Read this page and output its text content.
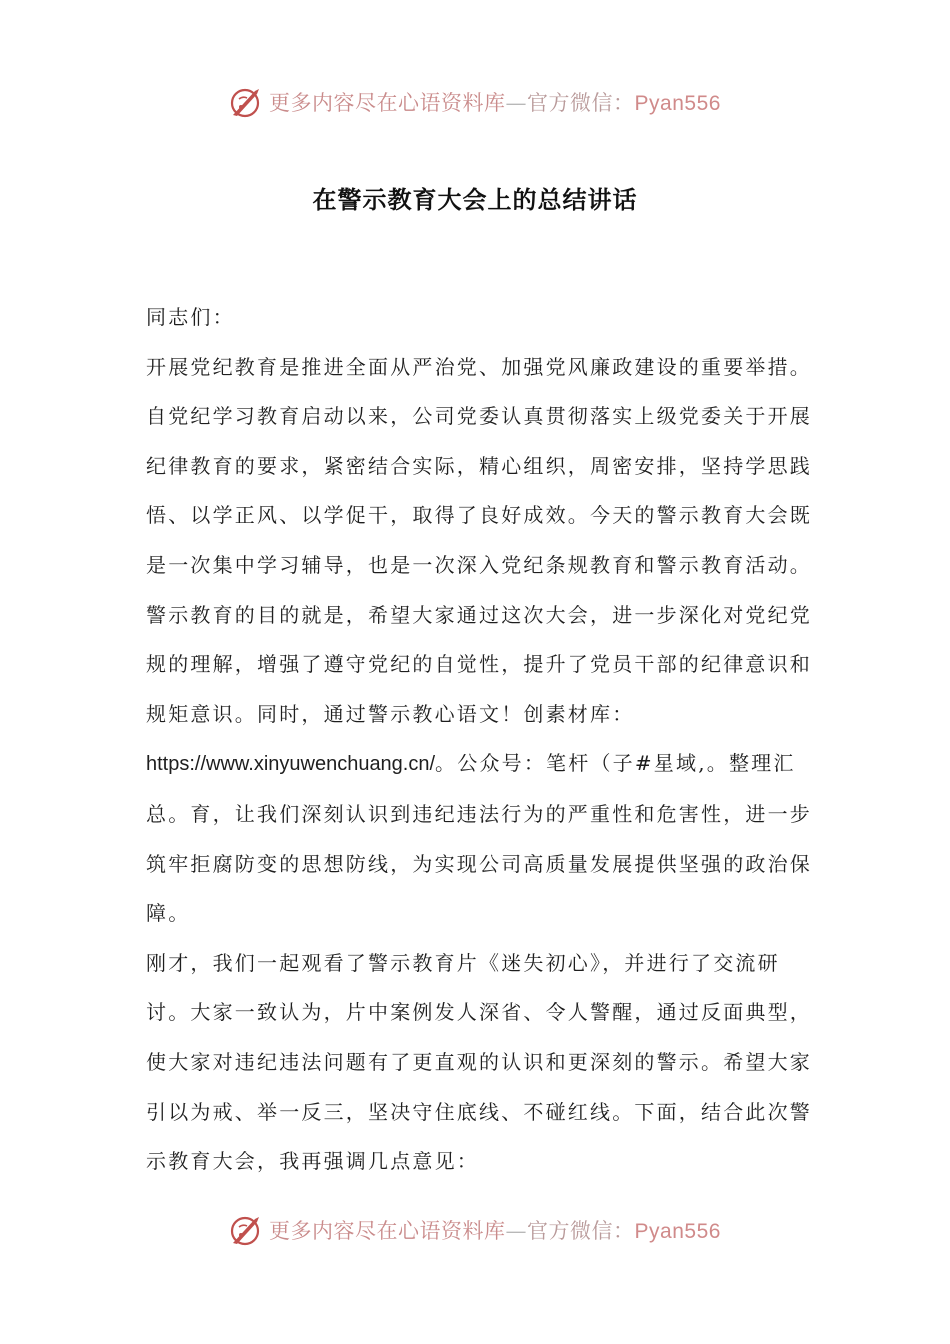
更多内容尽在心语资料库—官方微信：Pyan556
在警示教育大会上的总结讲话

同志们：

开展党纪教育是推进全面从严治党、加强党风廉政建设的重要举措。自党纪学习教育启动以来，公司党委认真贯彻落实上级党委关于开展纪律教育的要求，紧密结合实际，精心组织，周密安排，坚持学思践悟、以学正风、以学促干，取得了良好成效。今天的警示教育大会既是一次集中学习辅导，也是一次深入党纪条规教育和警示教育活动。警示教育的目的就是，希望大家通过这次大会，进一步深化对党纪党规的理解，增强了遵守党纪的自觉性，提升了党员干部的纪律意识和规矩意识。同时，通过警示教心语文！创素材库：https://www.xinyuwenchuang.cn/。公众号：笔杆（子#星域,。整理汇总。育，让我们深刻认识到违纪违法行为的严重性和危害性，进一步筑牢拒腐防变的思想防线，为实现公司高质量发展提供坚强的政治保障。

刚才，我们一起观看了警示教育片《迷失初心》，并进行了交流研讨。大家一致认为，片中案例发人深省、令人警醒，通过反面典型，使大家对违纪违法问题有了更直观的认识和更深刻的警示。希望大家引以为戒、举一反三，坚决守住底线、不碰红线。下面，结合此次警示教育大会，我再强调几点意见：

更多内容尽在心语资料库—官方微信：Pyan556
